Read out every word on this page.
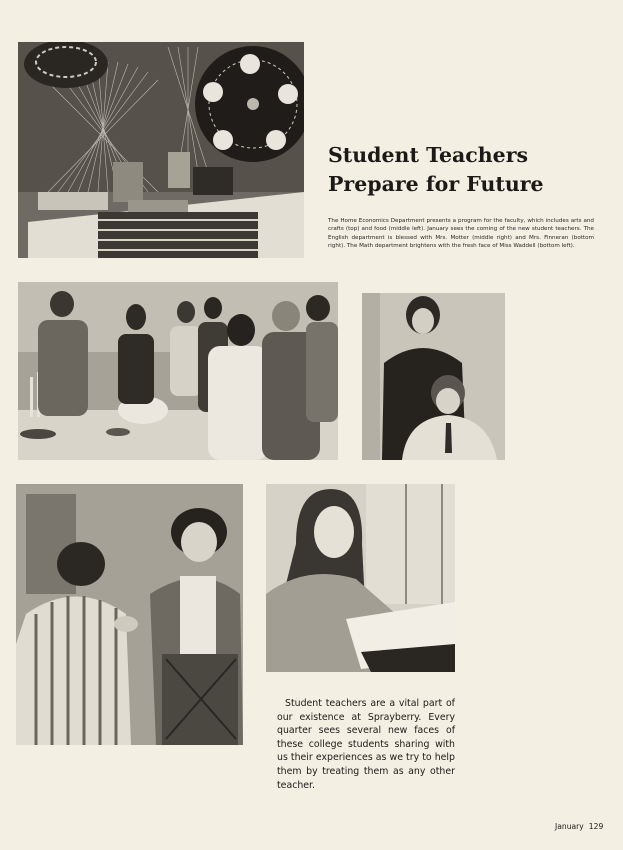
Student Teachers
Prepare for Future

The Home Economics Department presents a program for the faculty, which includes arts and crafts (top) and food (middle left). January sees the coming of the new student teachers. The English department is blessed with Mrs. Motter (middle right) and Mrs. Finneran (bottom right). The Math department brightens with the fresh face of Miss Waddell (bottom left).

Student teachers are a vital part of our existence at Sprayberry. Every quarter sees several new faces of these college students sharing with us their experiences as we try to help them by treating them as any other teacher.

January 129
